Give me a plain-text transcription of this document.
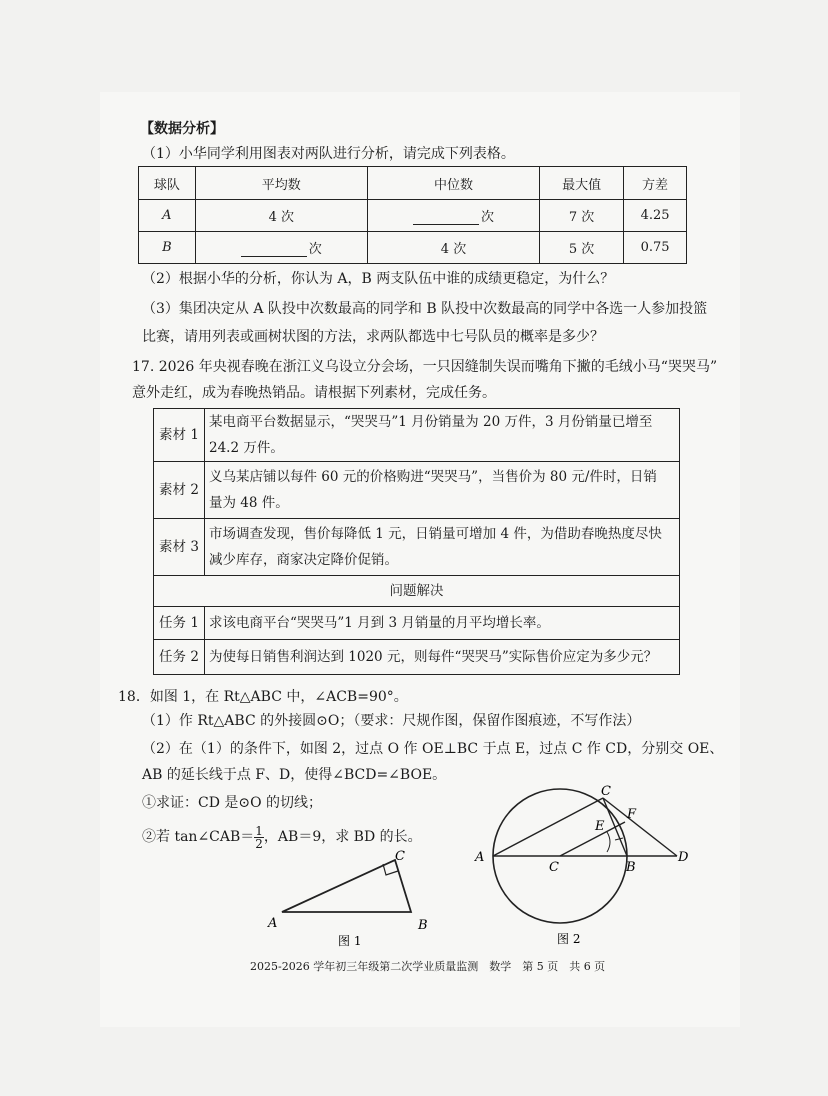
【数据分析】
（1）小华同学利用图表对两队进行分析，请完成下列表格。
球队	平均数	中位数	最大值	方差
A	4 次	次	7 次	4.25
B	次	4 次	5 次	0.75
（2）根据小华的分析，你认为 A，B 两支队伍中谁的成绩更稳定，为什么？
（3）集团决定从 A 队投中次数最高的同学和 B 队投中次数最高的同学中各选一人参加投篮
比赛，请用列表或画树状图的方法，求两队都选中七号队员的概率是多少？
17. 2026 年央视春晚在浙江义乌设立分会场，一只因缝制失误而嘴角下撇的毛绒小马“哭哭马”
意外走红，成为春晚热销品。请根据下列素材，完成任务。
素材 1	某电商平台数据显示，“哭哭马”1 月份销量为 20 万件，3 月份销量已增至
24.2 万件。

素材 2	义乌某店铺以每件 60 元的价格购进“哭哭马”，当售价为 80 元/件时，日销
量为 48 件。

素材 3	市场调查发现，售价每降低 1 元，日销量可增加 4 件，为借助春晚热度尽快
减少库存，商家决定降价促销。

问题解决	
任务 1	求该电商平台“哭哭马”1 月到 3 月销量的月平均增长率。
任务 2	为使每日销售利润达到 1020 元，则每件“哭哭马”实际售价应定为多少元？
18．如图 1，在 Rt△ABC 中，∠ACB=90°。
（1）作 Rt△ABC 的外接圆⊙O；（要求：尺规作图，保留作图痕迹，不写作法）
（2）在（1）的条件下，如图 2，过点 O 作 OE⊥BC 于点 E，过点 C 作 CD，分别交 OE、
AB 的延长线于点 F、D，使得∠BCD=∠BOE。
①求证：CD 是⊙O 的切线；
②若 tan∠CAB＝ $\frac{1}{2}$ ，AB＝9，求 BD 的长。
A	B
C
图 1
A
C
F
E
C	B
D
图 2
2025-2026 学年初三年级第二次学业质量监测　数学　第 5 页　共 6 页
